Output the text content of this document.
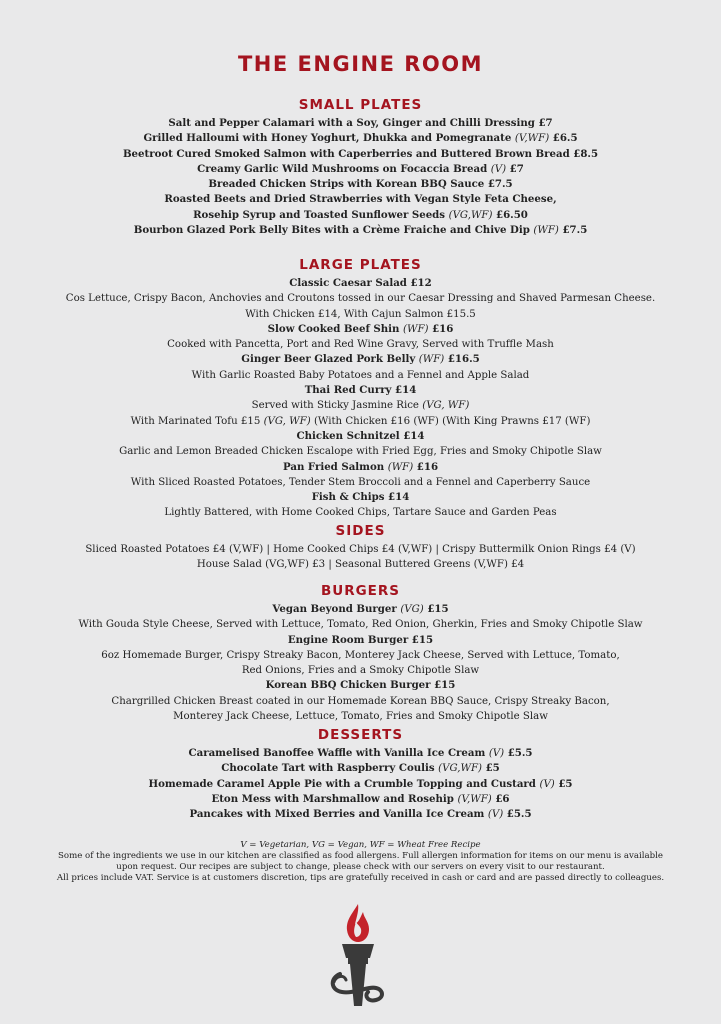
THE ENGINE ROOM
SMALL PLATES
Salt and Pepper Calamari with a Soy, Ginger and Chilli Dressing £7
Grilled Halloumi with Honey Yoghurt, Dhukka and Pomegranate (V,WF) £6.5
Beetroot Cured Smoked Salmon with Caperberries and Buttered Brown Bread £8.5
Creamy Garlic Wild Mushrooms on Focaccia Bread (V) £7
Breaded Chicken Strips with Korean BBQ Sauce £7.5
Roasted Beets and Dried Strawberries with Vegan Style Feta Cheese,
Rosehip Syrup and Toasted Sunflower Seeds (VG,WF) £6.50
Bourbon Glazed Pork Belly Bites with a Crème Fraiche and Chive Dip (WF) £7.5
LARGE PLATES
Classic Caesar Salad £12
Cos Lettuce, Crispy Bacon, Anchovies and Croutons tossed in our Caesar Dressing and Shaved Parmesan Cheese.
With Chicken £14, With Cajun Salmon £15.5
Slow Cooked Beef Shin (WF) £16
Cooked with Pancetta, Port and Red Wine Gravy, Served with Truffle Mash
Ginger Beer Glazed Pork Belly (WF) £16.5
With Garlic Roasted Baby Potatoes and a Fennel and Apple Salad
Thai Red Curry £14
Served with Sticky Jasmine Rice (VG, WF)
With Marinated Tofu £15 (VG, WF) (With Chicken £16 (WF) (With King Prawns £17 (WF)
Chicken Schnitzel £14
Garlic and Lemon Breaded Chicken Escalope with Fried Egg, Fries and Smoky Chipotle Slaw
Pan Fried Salmon (WF) £16
With Sliced Roasted Potatoes, Tender Stem Broccoli and a Fennel and Caperberry Sauce
Fish & Chips £14
Lightly Battered, with Home Cooked Chips, Tartare Sauce and Garden Peas
SIDES
Sliced Roasted Potatoes £4 (V,WF) | Home Cooked Chips £4 (V,WF) | Crispy Buttermilk Onion Rings £4 (V)
House Salad (VG,WF) £3 | Seasonal Buttered Greens (V,WF) £4
BURGERS
Vegan Beyond Burger (VG) £15
With Gouda Style Cheese, Served with Lettuce, Tomato, Red Onion, Gherkin, Fries and Smoky Chipotle Slaw
Engine Room Burger £15
6oz Homemade Burger, Crispy Streaky Bacon, Monterey Jack Cheese, Served with Lettuce, Tomato,
Red Onions, Fries and a Smoky Chipotle Slaw
Korean BBQ Chicken Burger £15
Chargrilled Chicken Breast coated in our Homemade Korean BBQ Sauce, Crispy Streaky Bacon,
Monterey Jack Cheese, Lettuce, Tomato, Fries and Smoky Chipotle Slaw
DESSERTS
Caramelised Banoffee Waffle with Vanilla Ice Cream (V) £5.5
Chocolate Tart with Raspberry Coulis (VG,WF) £5
Homemade Caramel Apple Pie with a Crumble Topping and Custard (V) £5
Eton Mess with Marshmallow and Rosehip (V,WF) £6
Pancakes with Mixed Berries and Vanilla Ice Cream (V) £5.5
V = Vegetarian, VG = Vegan, WF = Wheat Free Recipe
Some of the ingredients we use in our kitchen are classified as food allergens. Full allergen information for items on our menu is available
upon request. Our recipes are subject to change, please check with our servers on every visit to our restaurant.
All prices include VAT. Service is at customers discretion, tips are gratefully received in cash or card and are passed directly to colleagues.
